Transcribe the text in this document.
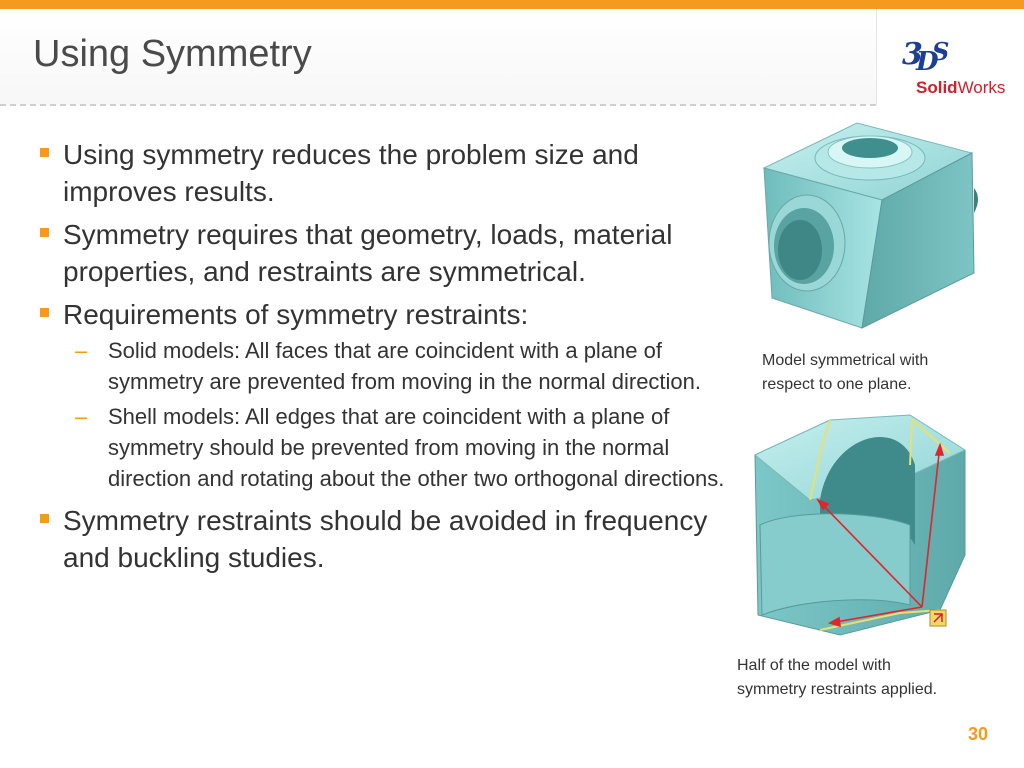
Using Symmetry	3
D
S
SolidWorks
Using symmetry reduces the problem size and improves results.
Symmetry requires that geometry, loads, material properties, and restraints are symmetrical.
Requirements of symmetry restraints:
– Solid models: All faces that are coincident with a plane of symmetry are prevented from moving in the normal direction.
– Shell models: All edges that are coincident with a plane of symmetry should be prevented from moving in the normal direction and rotating about the other two orthogonal directions.
Symmetry restraints should be avoided in frequency and buckling studies.
Model symmetrical with
respect to one plane.
Half of the model with
symmetry restraints applied.
30
